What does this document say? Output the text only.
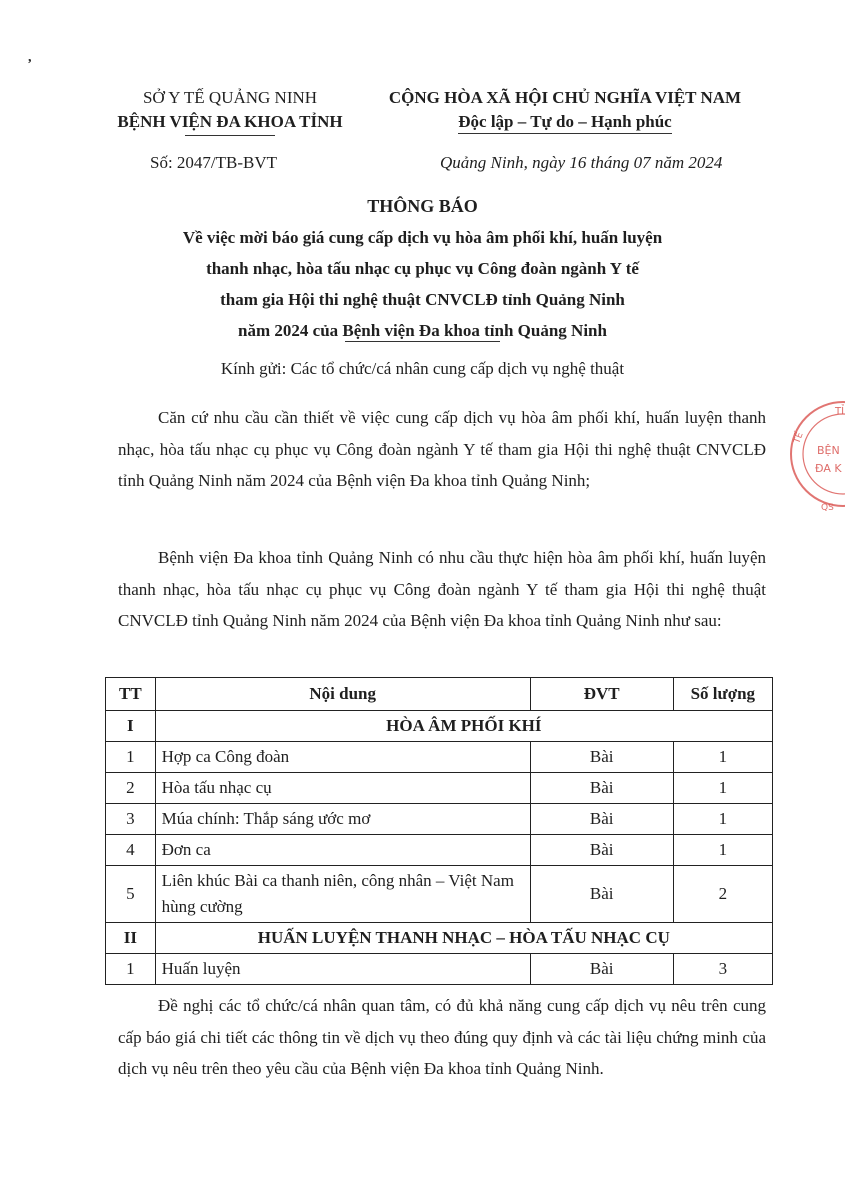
,
SỞ Y TẾ QUẢNG NINH
BỆNH VIỆN ĐA KHOA TỈNH
CỘNG HÒA XÃ HỘI CHỦ NGHĨA VIỆT NAM
Độc lập – Tự do – Hạnh phúc
Số: 2047/TB-BVT	Quảng Ninh, ngày 16 tháng 07 năm 2024
THÔNG BÁO
Về việc mời báo giá cung cấp dịch vụ hòa âm phối khí, huấn luyện
thanh nhạc, hòa tấu nhạc cụ phục vụ Công đoàn ngành Y tế
tham gia Hội thi nghệ thuật CNVCLĐ tỉnh Quảng Ninh
năm 2024 của Bệnh viện Đa khoa tỉnh Quảng Ninh
Kính gửi: Các tổ chức/cá nhân cung cấp dịch vụ nghệ thuật
Căn cứ nhu cầu cần thiết về việc cung cấp dịch vụ hòa âm phối khí, huấn luyện thanh nhạc, hòa tấu nhạc cụ phục vụ Công đoàn ngành Y tế tham gia Hội thi nghệ thuật CNVCLĐ tỉnh Quảng Ninh năm 2024 của Bệnh viện Đa khoa tỉnh Quảng Ninh;
Bệnh viện Đa khoa tỉnh Quảng Ninh có nhu cầu thực hiện hòa âm phối khí, huấn luyện thanh nhạc, hòa tấu nhạc cụ phục vụ Công đoàn ngành Y tế tham gia Hội thi nghệ thuật CNVCLĐ tỉnh Quảng Ninh năm 2024 của Bệnh viện Đa khoa tỉnh Quảng Ninh như sau:
TT	Nội dung	ĐVT	Số lượng
I	HÒA ÂM PHỐI KHÍ		
1	Hợp ca Công đoàn	Bài	1
2	Hòa tấu nhạc cụ	Bài	1
3	Múa chính: Thắp sáng ước mơ	Bài	1
4	Đơn ca	Bài	1
5	Liên khúc Bài ca thanh niên, công nhân – Việt Nam hùng cường	Bài	2
II	HUẤN LUYỆN THANH NHẠC – HÒA TẤU NHẠC CỤ		
1	Huấn luyện	Bài	3
Đề nghị các tổ chức/cá nhân quan tâm, có đủ khả năng cung cấp dịch vụ nêu trên cung cấp báo giá chi tiết các thông tin về dịch vụ theo đúng quy định và các tài liệu chứng minh của dịch vụ nêu trên theo yêu cầu của Bệnh viện Đa khoa tỉnh Quảng Ninh.
TỈ
TẾ
BỆN
ĐA K
QS
